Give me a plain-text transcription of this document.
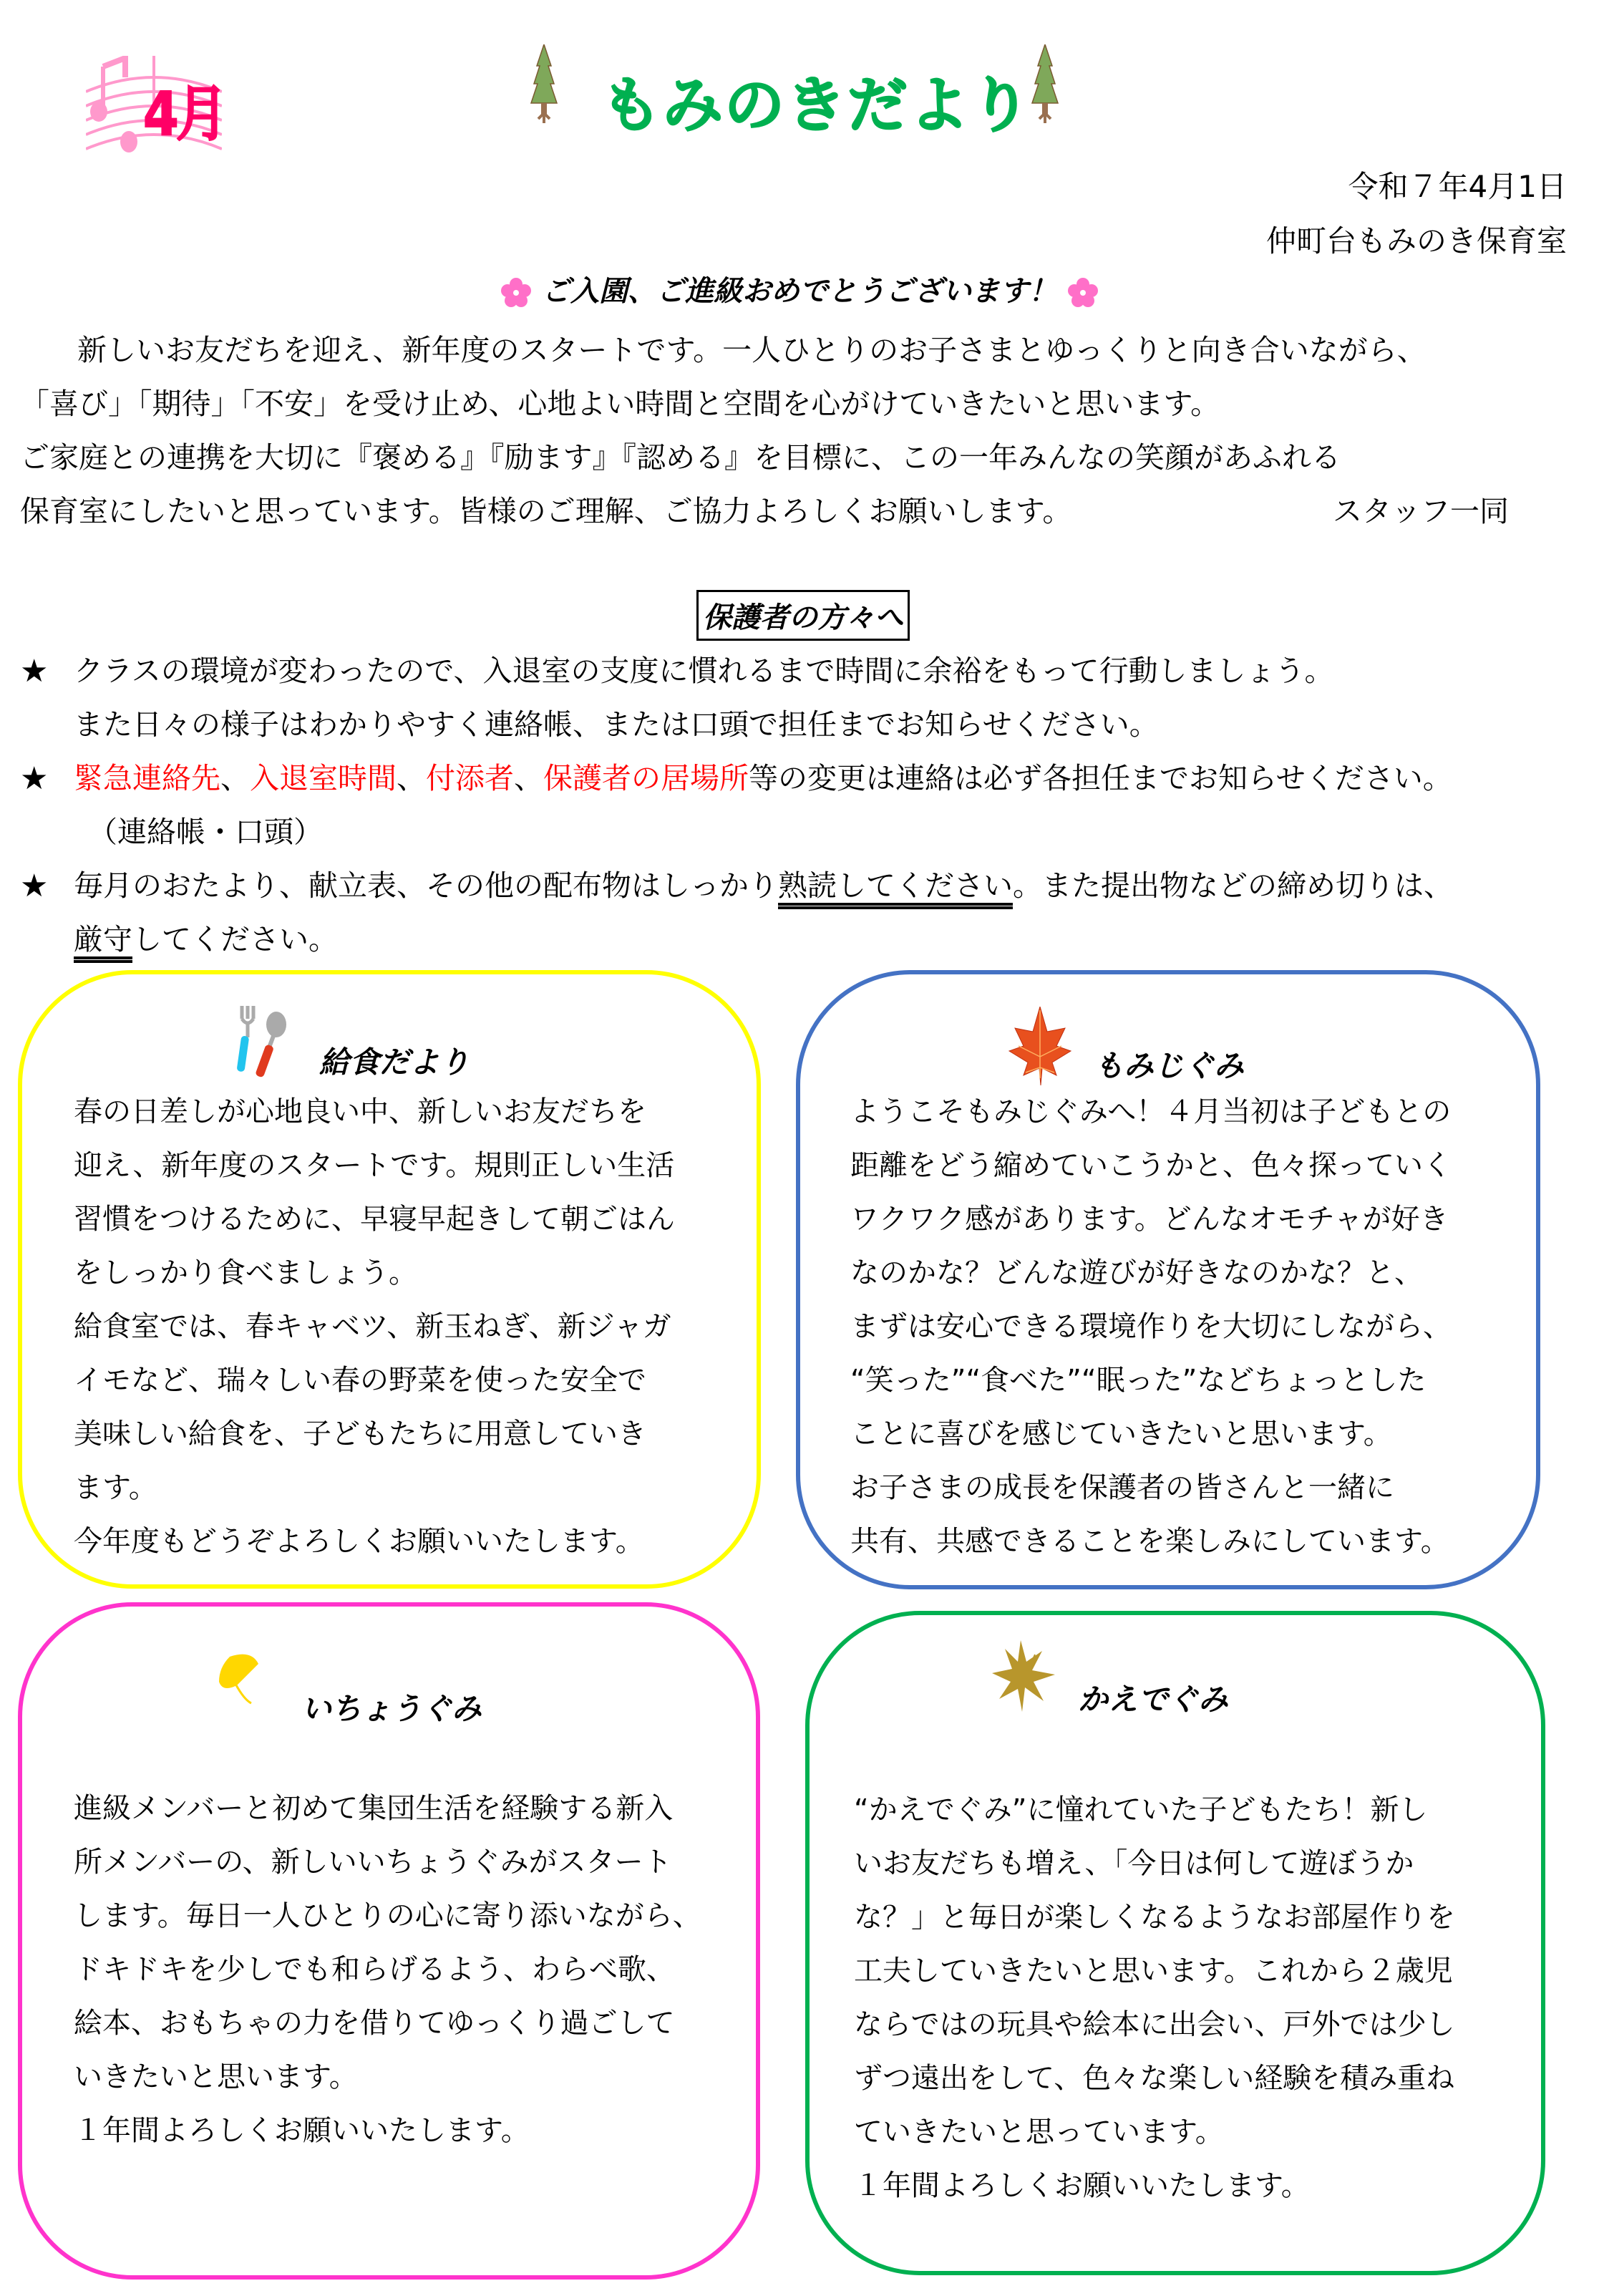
4月	もみのきだより
令和７年4月1日
仲町台もみのき保育室
ご入園、ご進級おめでとうございます！

新しいお友だちを迎え、新年度のスタートです。一人ひとりのお子さまとゆっくりと向き合いながら、

「喜び」「期待」「不安」を受け止め、心地よい時間と空間を心がけていきたいと思います。

ご家庭との連携を大切に『褒める』『励ます』『認める』を目標に、この一年みんなの笑顔があふれる

保育室にしたいと思っています。皆様のご理解、ご協力よろしくお願いします。	スタッフ一同

保護者の方々へ
★ クラスの環境が変わったので、入退室の支度に慣れるまで時間に余裕をもって行動しましょう。
また日々の様子はわかりやすく連絡帳、または口頭で担任までお知らせください。
★ 緊急連絡先、入退室時間、付添者、保護者の居場所等の変更は連絡は必ず各担任までお知らせください。
（連絡帳・口頭）
★ 毎月のおたより、献立表、その他の配布物はしっかり熟読してください。また提出物などの締め切りは、
厳守してください。
給食だより

春の日差しが心地良い中、新しいお友だちを

迎え、新年度のスタートです。規則正しい生活

習慣をつけるために、早寝早起きして朝ごはん

をしっかり食べましょう。

給食室では、春キャベツ、新玉ねぎ、新ジャガ

イモなど、瑞々しい春の野菜を使った安全で

美味しい給食を、子どもたちに用意していき

ます。

今年度もどうぞよろしくお願いいたします。

もみじぐみ

ようこそもみじぐみへ！４月当初は子どもとの

距離をどう縮めていこうかと、色々探っていく

ワクワク感があります。どんなオモチャが好き

なのかな？どんな遊びが好きなのかな？と、

まずは安心できる環境作りを大切にしながら、

“笑った”“食べた”“眠った”などちょっとした

ことに喜びを感じていきたいと思います。

お子さまの成長を保護者の皆さんと一緒に

共有、共感できることを楽しみにしています。

いちょうぐみ

進級メンバーと初めて集団生活を経験する新入

所メンバーの、新しいいちょうぐみがスタート

します。毎日一人ひとりの心に寄り添いながら、

ドキドキを少しでも和らげるよう、わらべ歌、

絵本、おもちゃの力を借りてゆっくり過ごして

いきたいと思います。

１年間よろしくお願いいたします。

かえでぐみ

“かえでぐみ”に憧れていた子どもたち！新し

いお友だちも増え、「今日は何して遊ぼうか

な？」と毎日が楽しくなるようなお部屋作りを

工夫していきたいと思います。これから２歳児

ならではの玩具や絵本に出会い、戸外では少し

ずつ遠出をして、色々な楽しい経験を積み重ね

ていきたいと思っています。

１年間よろしくお願いいたします。
